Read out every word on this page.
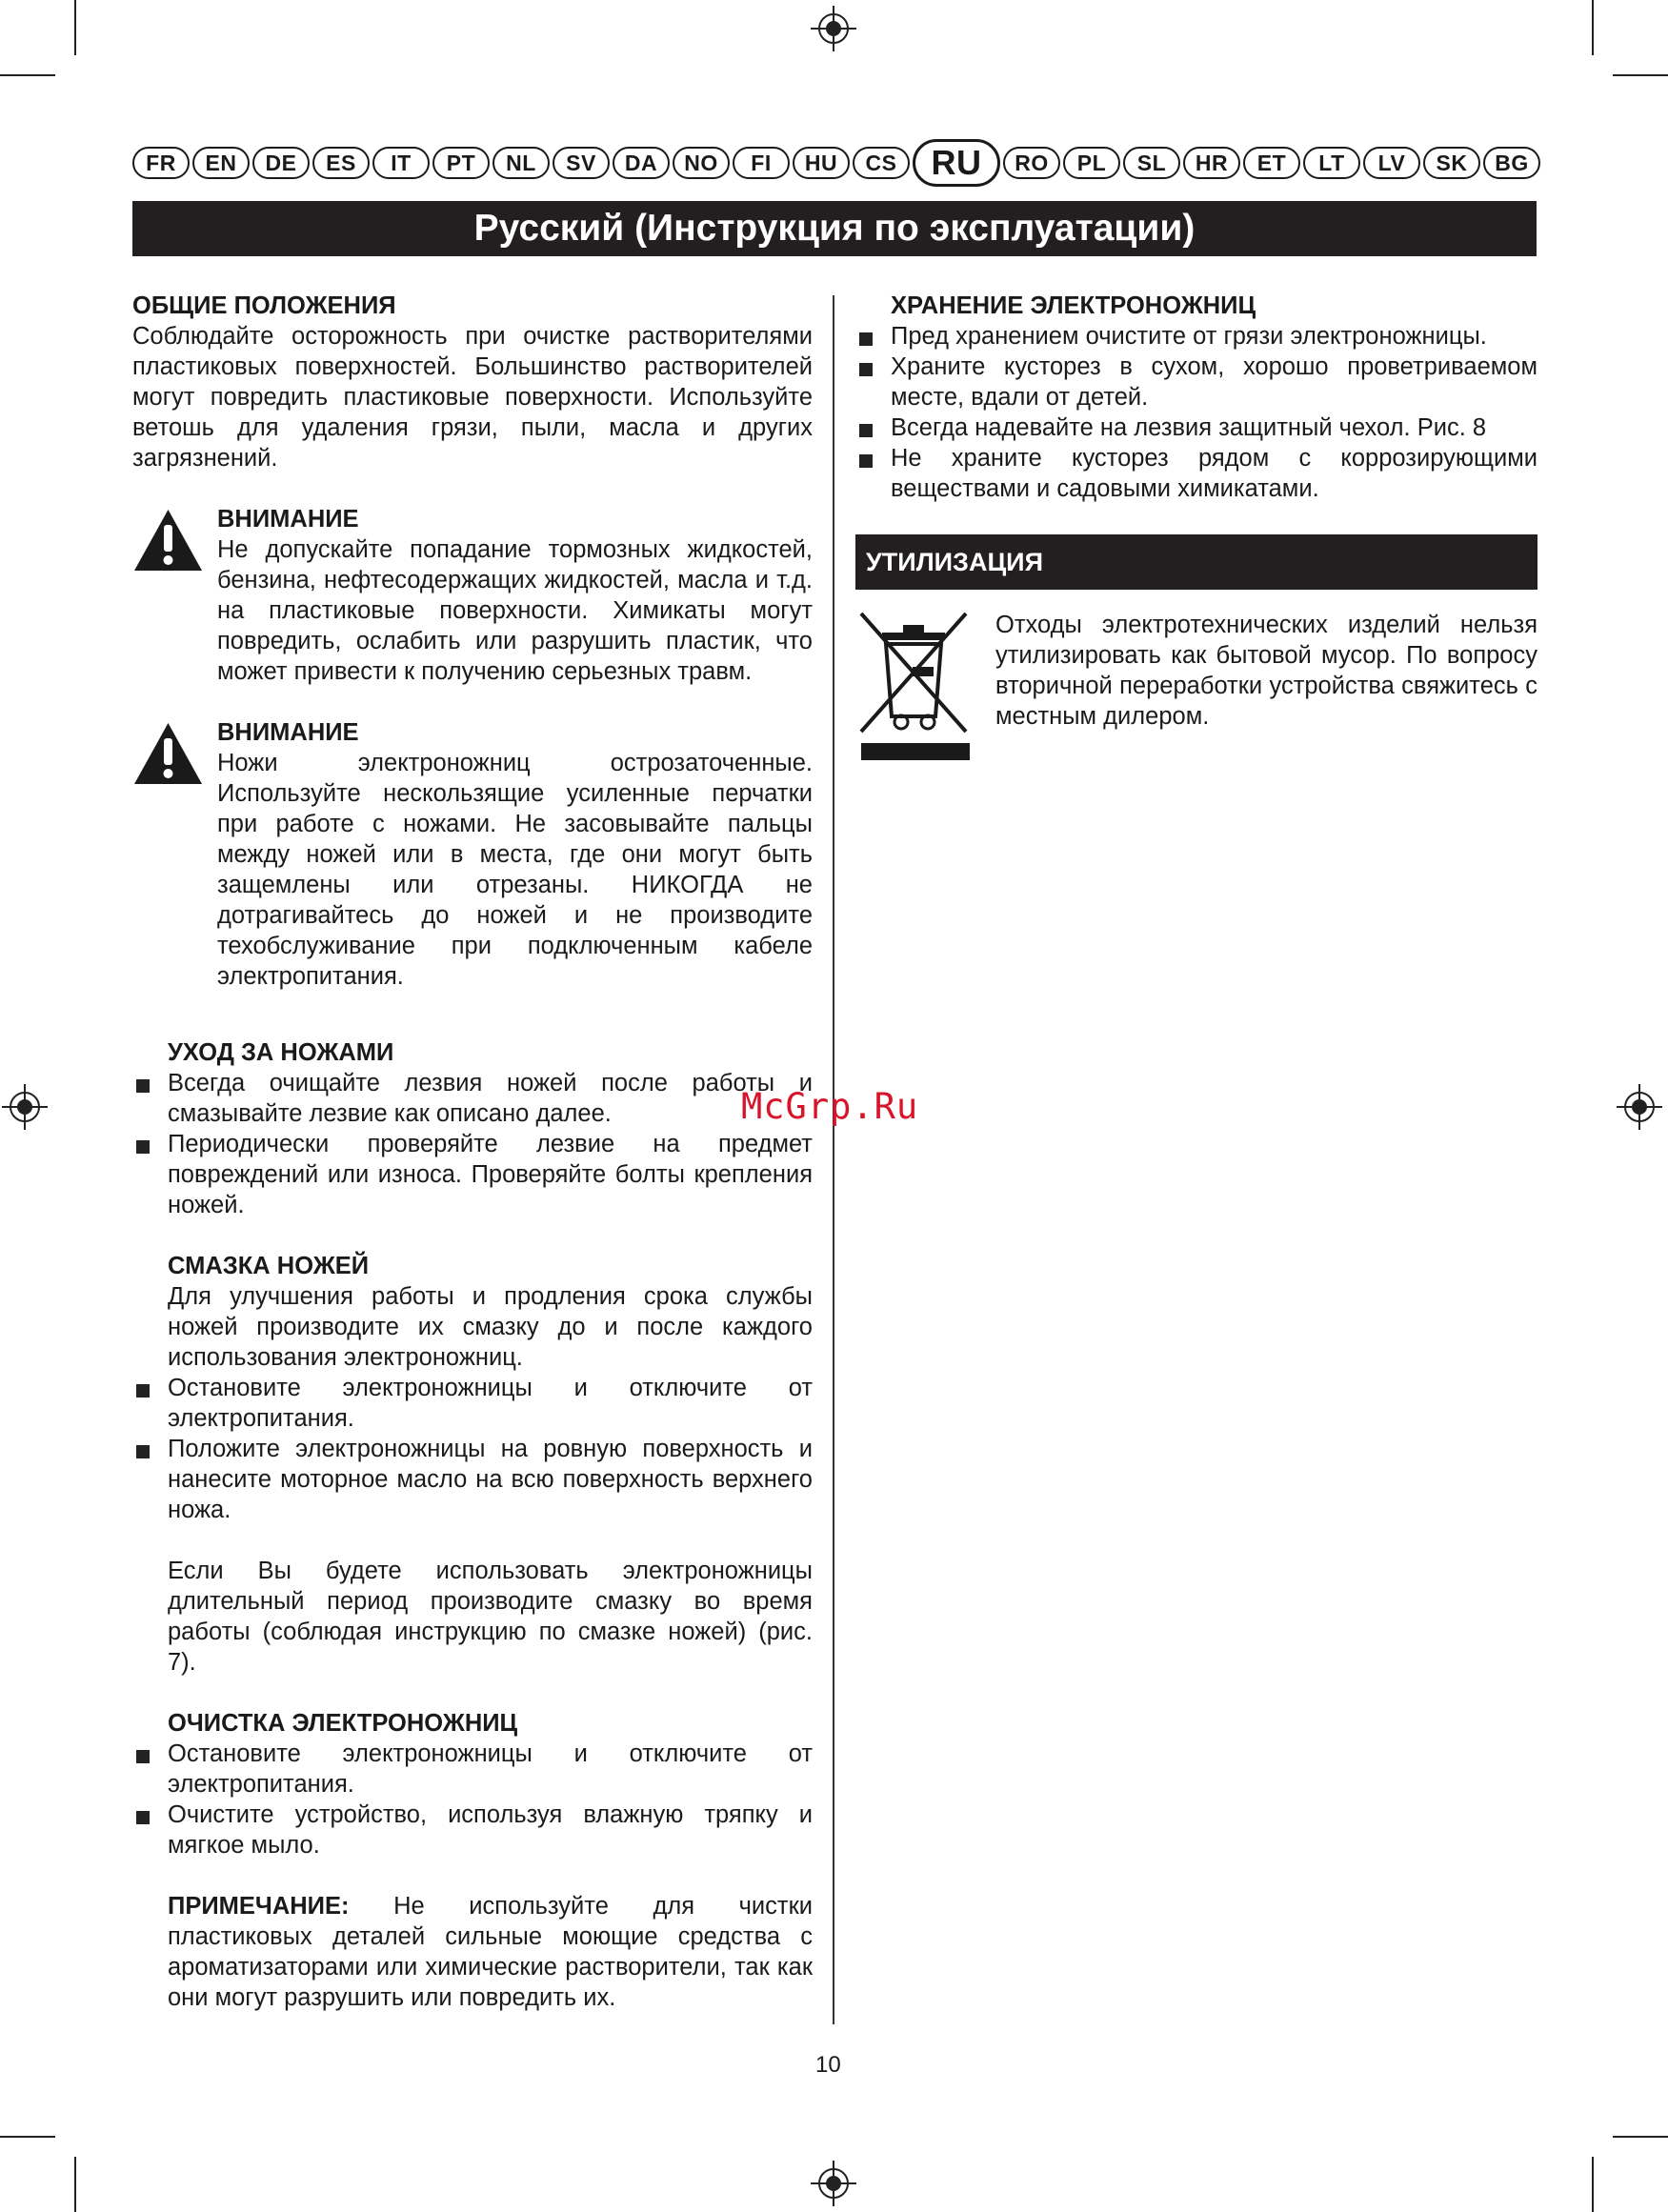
FR	EN	DE	ES	IT	PT	NL	SV	DA	NO	FI	HU	CS	RU	RO	PL	SL	HR	ET	LT	LV	SK	BG
Русский (Инструкция по эксплуатации)
ОБЩИЕ ПОЛОЖЕНИЯ
Соблюдайте осторожность при очистке растворителями пластиковых поверхностей. Большинство растворителей могут повредить пластиковые поверхности. Используйте ветошь для удаления грязи, пыли, масла и других загрязнений.
ВНИМАНИЕ
Не допускайте попадание тормозных жидкостей, бензина, нефтесодержащих жидкостей, масла и т.д. на пластиковые поверхности. Химикаты могут повредить, ослабить или разрушить пластик, что может привести к получению серьезных травм.
ВНИМАНИЕ
Ножи электроножниц острозаточенные. Используйте нескользящие усиленные перчатки при работе с ножами. Не засовывайте пальцы между ножей или в места, где они могут быть защемлены или отрезаны. НИКОГДА не дотрагивайтесь до ножей и не производите техобслуживание при подключенным кабеле электропитания.
УХОД ЗА НОЖАМИ
Всегда очищайте лезвия ножей после работы и смазывайте лезвие как описано далее.
Периодически проверяйте лезвие на предмет повреждений или износа. Проверяйте болты крепления ножей.
СМАЗКА НОЖЕЙ
Для улучшения работы и продления срока службы ножей производите их смазку до и после каждого использования электроножниц.
Остановите электроножницы и отключите от электропитания.
Положите электроножницы на ровную поверхность и нанесите моторное масло на всю поверхность верхнего ножа.
Если Вы будете использовать электроножницы длительный период производите смазку во время работы (соблюдая инструкцию по смазке ножей) (рис. 7).
ОЧИСТКА ЭЛЕКТРОНОЖНИЦ
Остановите электроножницы и отключите от электропитания.
Очистите устройство, используя влажную тряпку и мягкое мыло.
ПРИМЕЧАНИЕ: Не используйте для чистки пластиковых деталей сильные моющие средства с ароматизаторами или химические растворители, так как они могут разрушить или повредить их.
ХРАНЕНИЕ ЭЛЕКТРОНОЖНИЦ
Пред хранением очистите от грязи электроножницы.
Храните кусторез в сухом, хорошо проветриваемом месте, вдали от детей.
Всегда надевайте на лезвия защитный чехол. Рис. 8
Не храните кусторез рядом с коррозирующими веществами и садовыми химикатами.
УТИЛИЗАЦИЯ
Отходы электротехнических изделий нельзя утилизировать как бытовой мусор. По вопросу вторичной переработки устройства свяжитесь с местным дилером.
McGrp.Ru
10
